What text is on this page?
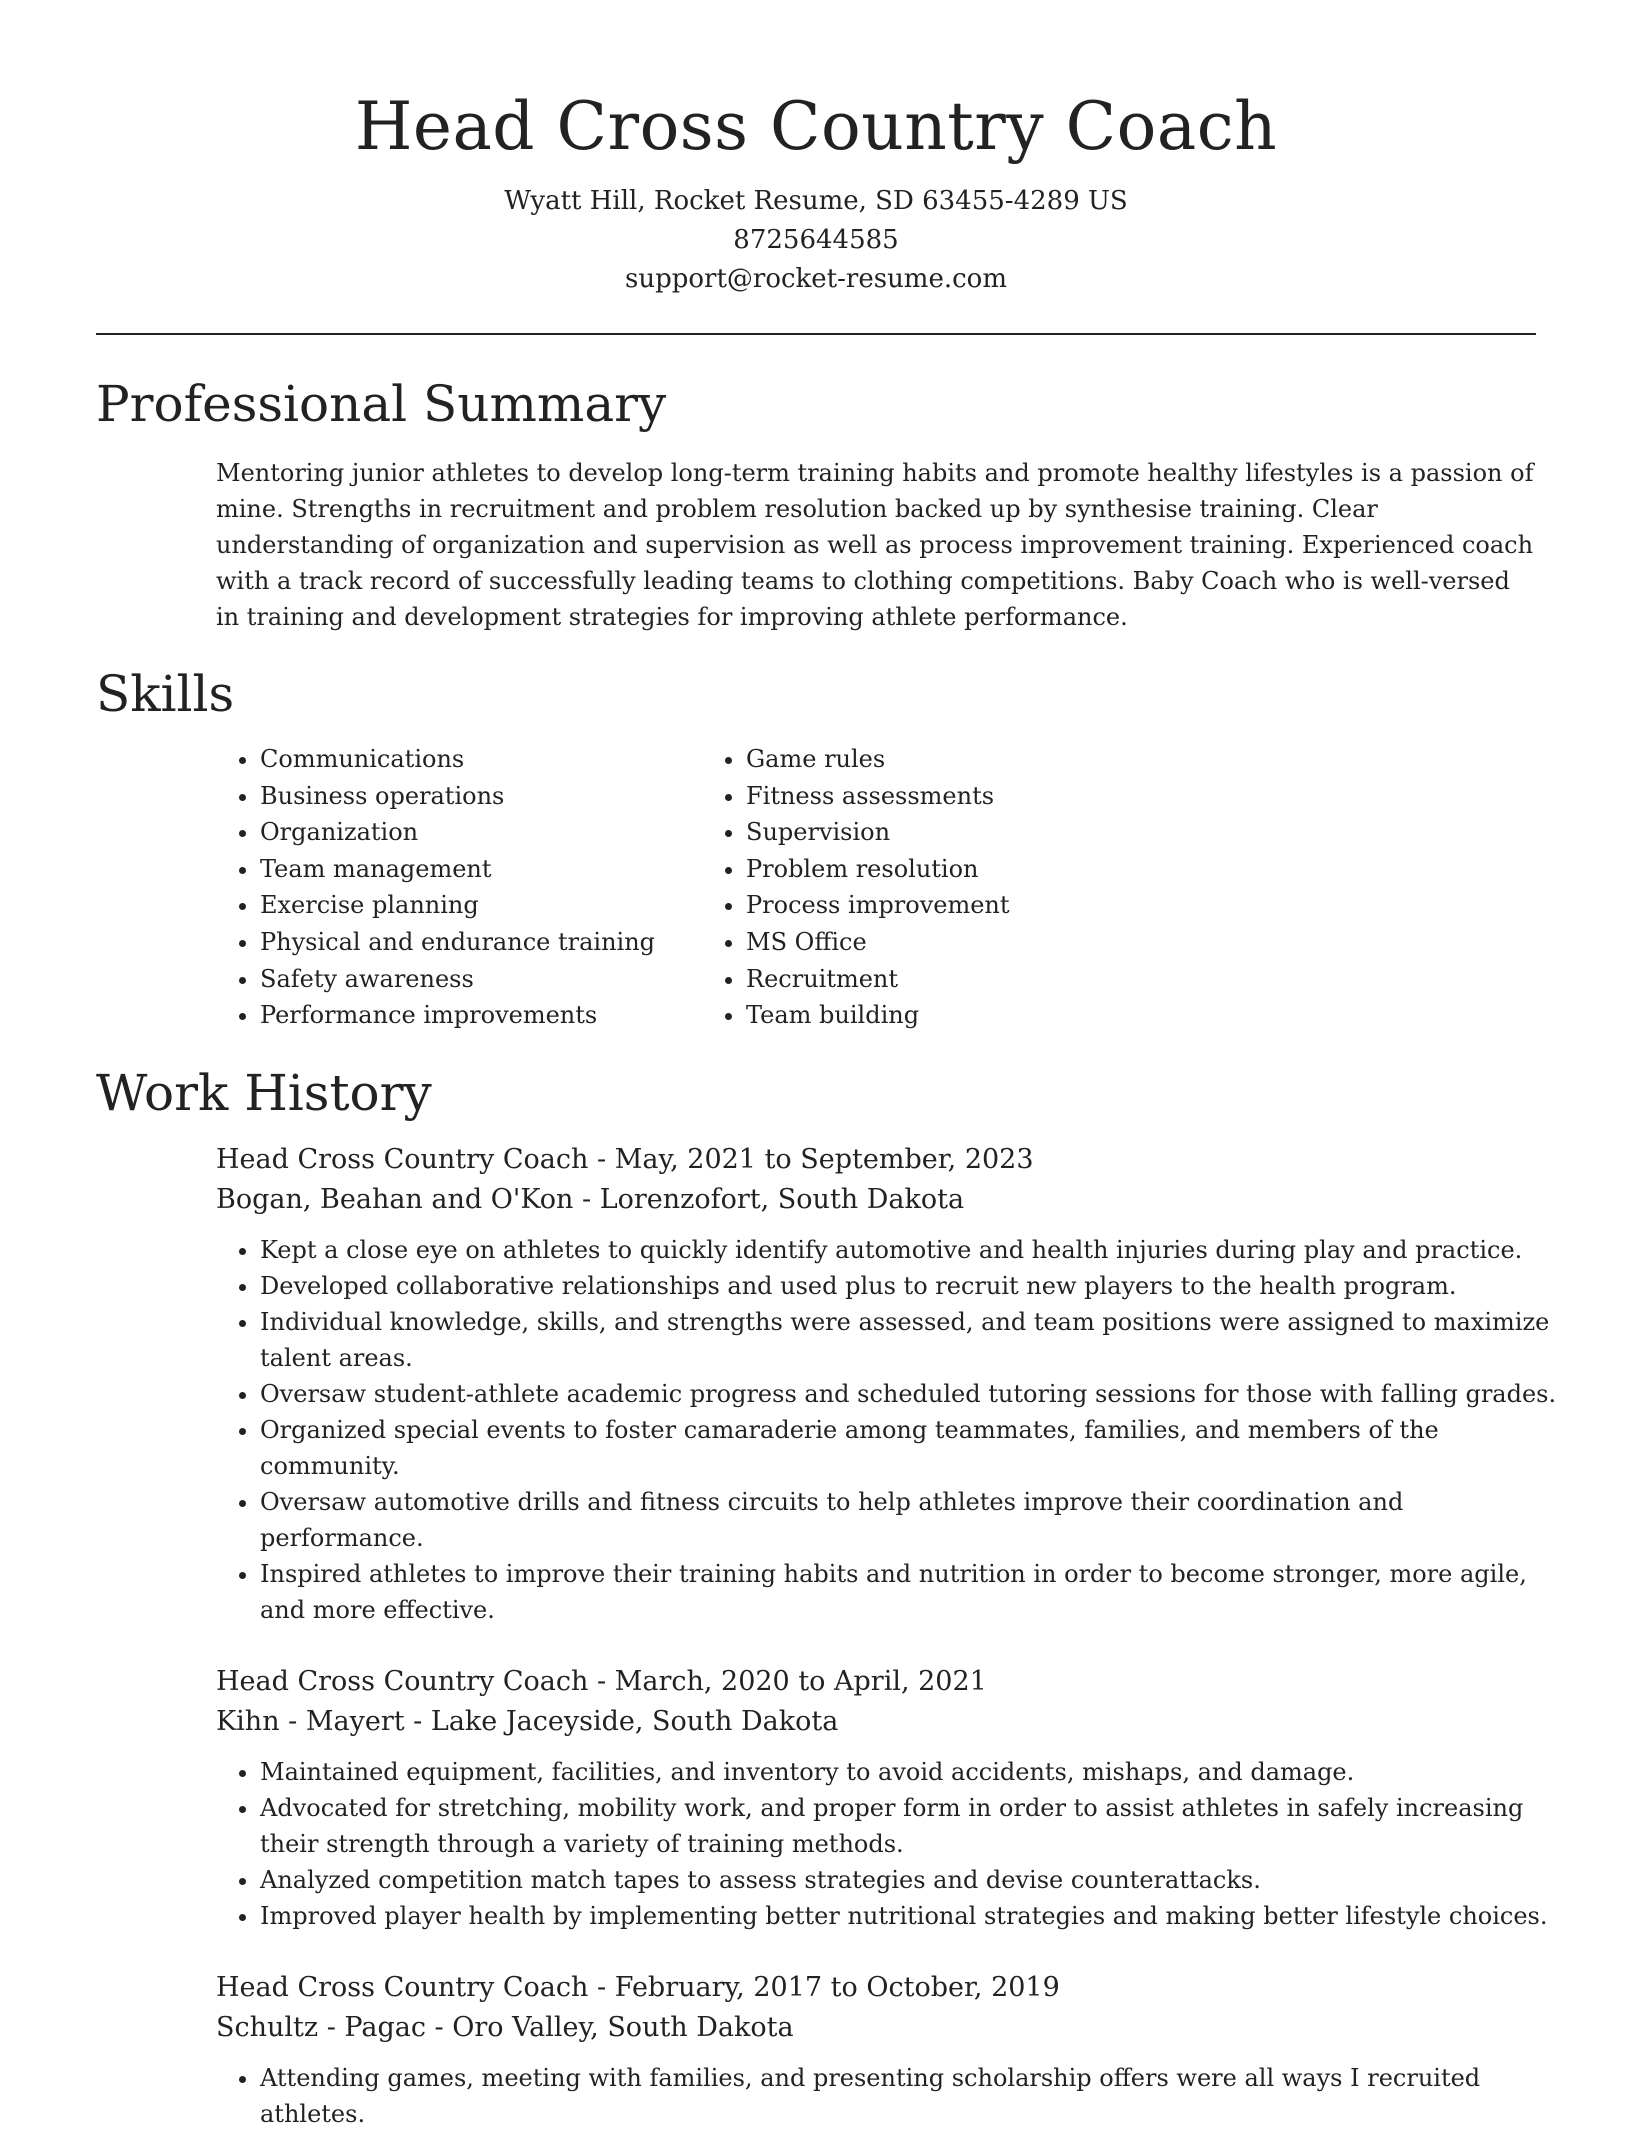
Head Cross Country Coach
Wyatt Hill, Rocket Resume, SD 63455-4289 US
8725644585
support@rocket-resume.com
Professional Summary

Mentoring junior athletes to develop long-term training habits and promote healthy lifestyles is a passion of mine. Strengths in recruitment and problem resolution backed up by synthesise training. Clear understanding of organization and supervision as well as process improvement training. Experienced coach with a track record of successfully leading teams to clothing competitions. Baby Coach who is well-versed in training and development strategies for improving athlete performance.

Skills
• Communications
• Business operations
• Organization
• Team management
• Exercise planning
• Physical and endurance training
• Safety awareness
• Performance improvements
• Game rules
• Fitness assessments
• Supervision
• Problem resolution
• Process improvement
• MS Office
• Recruitment
• Team building
Work History
Head Cross Country Coach - May, 2021 to September, 2023
Bogan, Beahan and O'Kon - Lorenzofort, South Dakota
• Kept a close eye on athletes to quickly identify automotive and health injuries during play and practice.
• Developed collaborative relationships and used plus to recruit new players to the health program.
• Individual knowledge, skills, and strengths were assessed, and team positions were assigned to maximize talent areas.
• Oversaw student-athlete academic progress and scheduled tutoring sessions for those with falling grades.
• Organized special events to foster camaraderie among teammates, families, and members of the community.
• Oversaw automotive drills and fitness circuits to help athletes improve their coordination and performance.
• Inspired athletes to improve their training habits and nutrition in order to become stronger, more agile, and more effective.
Head Cross Country Coach - March, 2020 to April, 2021
Kihn - Mayert - Lake Jaceyside, South Dakota
• Maintained equipment, facilities, and inventory to avoid accidents, mishaps, and damage.
• Advocated for stretching, mobility work, and proper form in order to assist athletes in safely increasing their strength through a variety of training methods.
• Analyzed competition match tapes to assess strategies and devise counterattacks.
• Improved player health by implementing better nutritional strategies and making better lifestyle choices.
Head Cross Country Coach - February, 2017 to October, 2019
Schultz - Pagac - Oro Valley, South Dakota
• Attending games, meeting with families, and presenting scholarship offers were all ways I recruited athletes.
